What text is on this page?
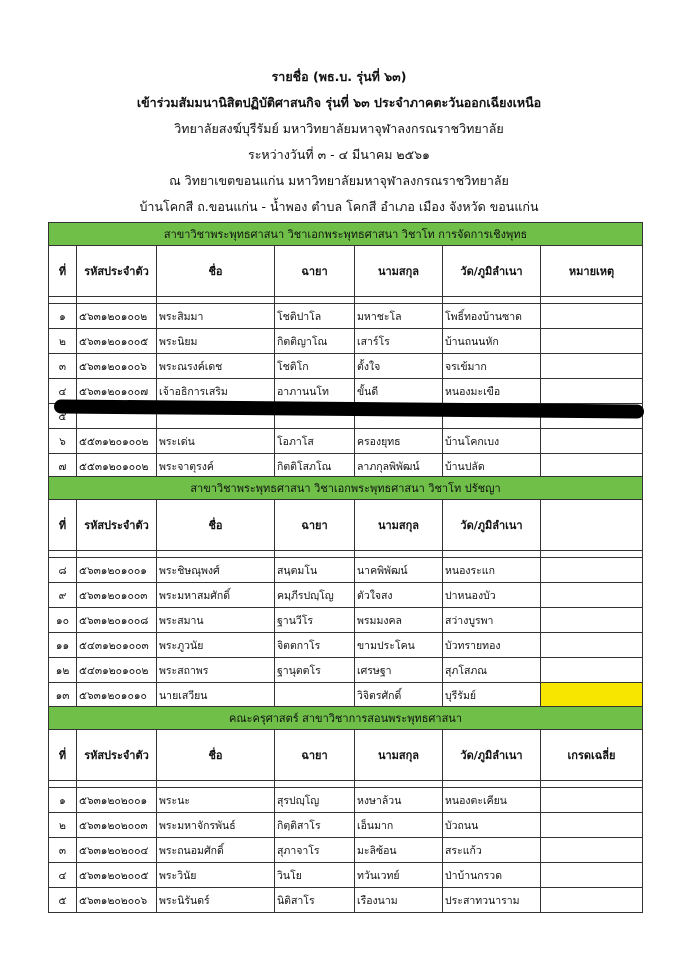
รายชื่อ (พธ.บ. รุ่นที่ ๖๓)
เข้าร่วมสัมมนานิสิตปฏิบัติศาสนกิจ รุ่นที่ ๖๓ ประจำภาคตะวันออกเฉียงเหนือ
วิทยาลัยสงฆ์บุรีรัมย์ มหาวิทยาลัยมหาจุฬาลงกรณราชวิทยาลัย
ระหว่างวันที่ ๓ - ๔ มีนาคม ๒๕๖๑
ณ วิทยาเขตขอนแก่น มหาวิทยาลัยมหาจุฬาลงกรณราชวิทยาลัย
บ้านโคกสี ถ.ขอนแก่น - น้ำพอง ตำบล โคกสี อำเภอ เมือง จังหวัด ขอนแก่น
สาขาวิชาพระพุทธศาสนา วิชาเอกพระพุทธศาสนา วิชาโท การจัดการเชิงพุทธ						
ที่	รหัสประจำตัว	ชื่อ	ฉายา	นามสกุล	วัด/ภูมิลำเนา	หมายเหตุ

๑	๕๖๓๑๒๐๑๐๐๒	พระสิมมา	โชติปาโล	มหาชะโล	โพธิ์ทองบ้านซาด	
๒	๕๖๓๑๒๐๑๐๐๕	พระนิยม	กิตติญาโณ	เสาร์โร	บ้านถนนหัก	
๓	๕๖๓๑๒๐๑๐๐๖	พระณรงค์เดช	โชติโก	ตั้งใจ	จรเข้มาก	
๔	๕๖๓๑๒๐๑๐๐๗	เจ้าอธิการเสริม	อาภานนโท	ขั้นดี	หนองมะเขือ	
๕						
๖	๕๕๓๑๒๐๑๐๐๒	พระเด่น	โอภาโส	ครองยุทธ	บ้านโคกเบง	
๗	๕๕๓๑๒๐๑๐๐๒	พระจาตุรงค์	กิตติโสภโณ	ลาภกุลพิพัฒน์	บ้านปลัด	
สาขาวิชาพระพุทธศาสนา วิชาเอกพระพุทธศาสนา วิชาโท ปรัชญา						
ที่	รหัสประจำตัว	ชื่อ	ฉายา	นามสกุล	วัด/ภูมิลำเนา	

๘	๕๖๓๑๒๐๑๐๐๑	พระชิษณุพงศ์	สนฺตมโน	นาคพิพัฒน์	หนองระแก	
๙	๕๖๓๑๒๐๑๐๐๓	พระมหาสมศักดิ์	คมฺภีรปญฺโญ	ตัวใจสง	ปาหนองบัว	
๑๐	๕๖๓๑๒๐๑๐๐๘	พระสมาน	ฐานวีโร	พรมมงคล	สว่างบูรพา	
๑๑	๕๔๓๑๒๐๑๐๐๓	พระภูวนัย	จิตตกาโร	ขามประโคน	บัวทรายทอง	
๑๒	๕๔๓๑๒๐๑๐๐๒	พระสถาพร	ฐานุตตโร	เศรษฐา	สุภโสภณ	
๑๓	๕๖๓๑๒๐๑๐๑๐	นายเสวียน		วิจิตรศักดิ์	บุรีรัมย์	
คณะครุศาสตร์ สาขาวิชาการสอนพระพุทธศาสนา						
ที่	รหัสประจำตัว	ชื่อ	ฉายา	นามสกุล	วัด/ภูมิลำเนา	เกรดเฉลี่ย

๑	๕๖๓๑๒๐๒๐๐๑	พระนะ	สุรปญฺโญ	หงษาล้วน	หนองตะเคียน	
๒	๕๖๓๑๒๐๒๐๐๓	พระมหาจักรพันธ์	กิตฺติสาโร	เอ็นมาก	บัวถนน	
๓	๕๖๓๑๒๐๒๐๐๔	พระถนอมศักดิ์	สุภาจาโร	มะลิซ้อน	สระแก้ว	
๔	๕๖๓๑๒๐๒๐๐๕	พระวินัย	วินโย	ทวันเวทย์	ป่าบ้านกรวด	
๕	๕๖๓๑๒๐๒๐๐๖	พระนิรันดร์	นิติสาโร	เรืองนาม	ประสาทวนาราม	
